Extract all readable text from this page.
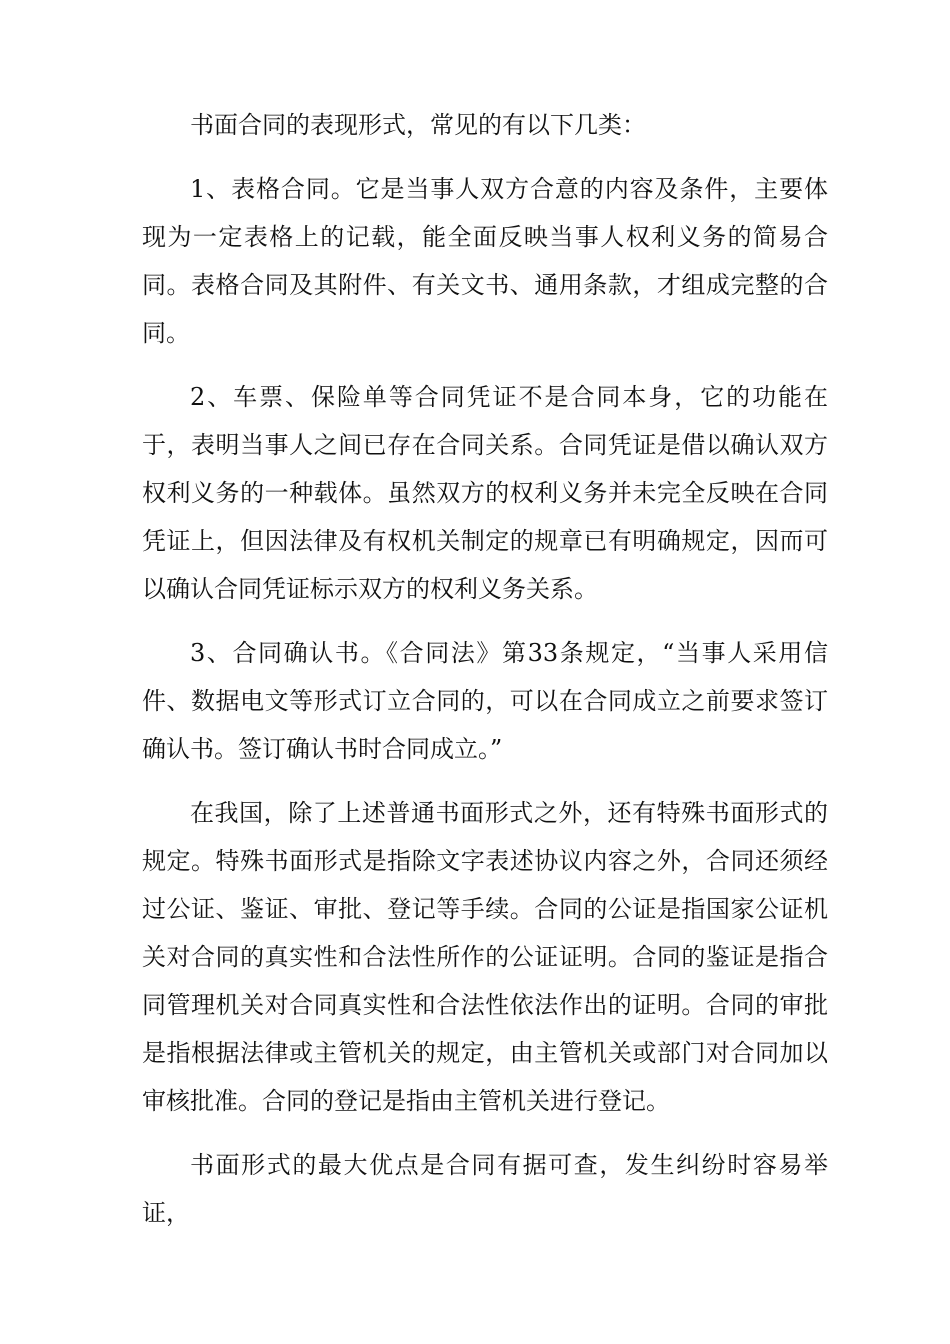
书面合同的表现形式，常见的有以下几类：

1、表格合同。它是当事人双方合意的内容及条件，主要体现为一定表格上的记载，能全面反映当事人权利义务的简易合同。表格合同及其附件、有关文书、通用条款，才组成完整的合同。

2、车票、保险单等合同凭证不是合同本身，它的功能在于，表明当事人之间已存在合同关系。合同凭证是借以确认双方权利义务的一种载体。虽然双方的权利义务并未完全反映在合同凭证上，但因法律及有权机关制定的规章已有明确规定，因而可以确认合同凭证标示双方的权利义务关系。

3、合同确认书。《合同法》第33条规定，“当事人采用信件、数据电文等形式订立合同的，可以在合同成立之前要求签订确认书。签订确认书时合同成立。”

在我国，除了上述普通书面形式之外，还有特殊书面形式的规定。特殊书面形式是指除文字表述协议内容之外，合同还须经过公证、鉴证、审批、登记等手续。合同的公证是指国家公证机关对合同的真实性和合法性所作的公证证明。合同的鉴证是指合同管理机关对合同真实性和合法性依法作出的证明。合同的审批是指根据法律或主管机关的规定，由主管机关或部门对合同加以审核批准。合同的登记是指由主管机关进行登记。

书面形式的最大优点是合同有据可查，发生纠纷时容易举证，
